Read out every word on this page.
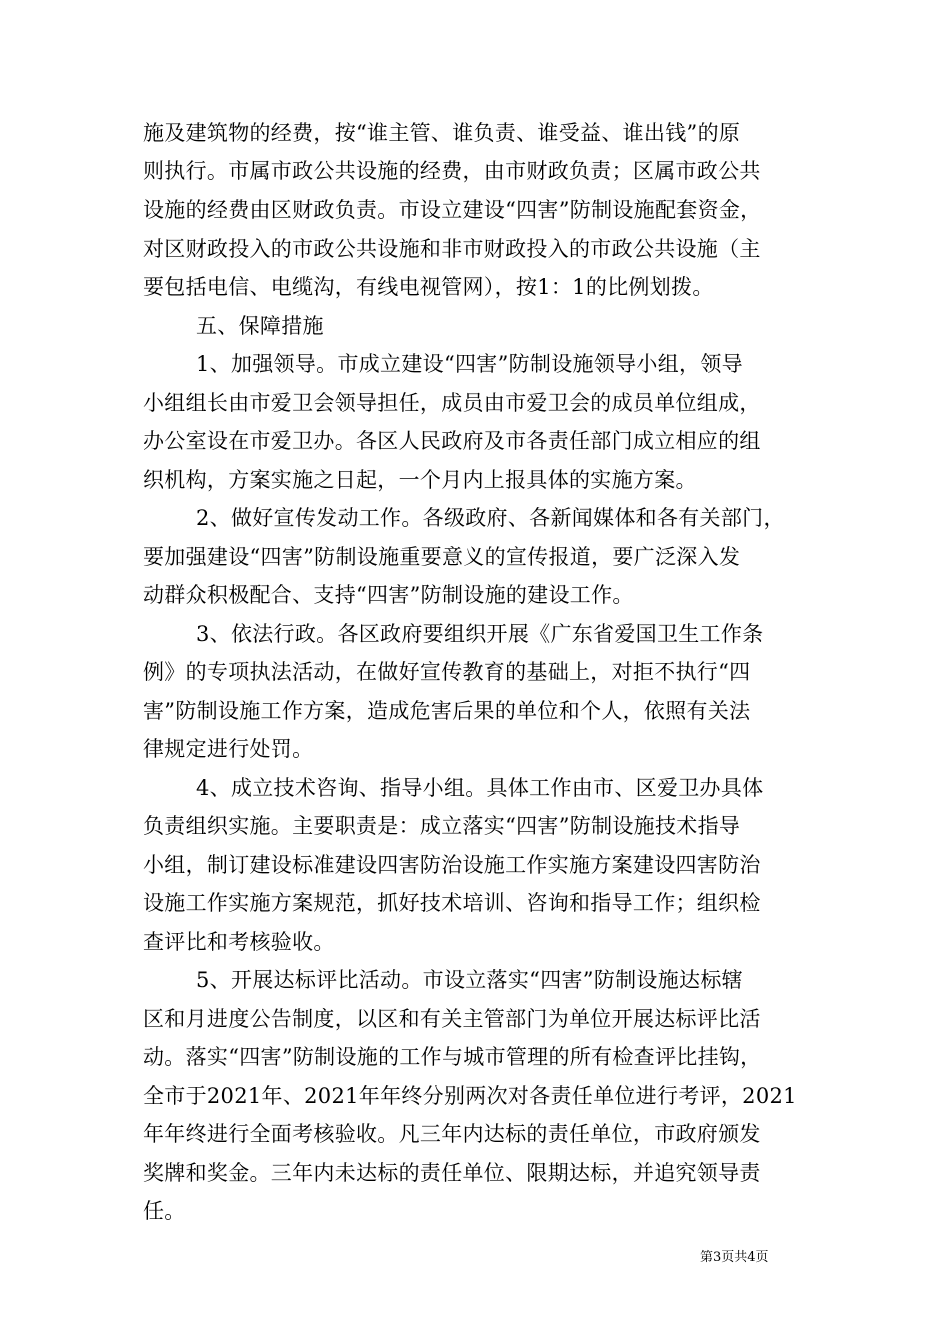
施及建筑物的经费，按“谁主管、谁负责、谁受益、谁出钱”的原
则执行。市属市政公共设施的经费，由市财政负责；区属市政公共
设施的经费由区财政负责。市设立建设“四害”防制设施配套资金，
对区财政投入的市政公共设施和非市财政投入的市政公共设施（主
要包括电信、电缆沟，有线电视管网），按1：1的比例划拨。
五、保障措施
1、加强领导。市成立建设“四害”防制设施领导小组，领导
小组组长由市爱卫会领导担任，成员由市爱卫会的成员单位组成，
办公室设在市爱卫办。各区人民政府及市各责任部门成立相应的组
织机构，方案实施之日起，一个月内上报具体的实施方案。
2、做好宣传发动工作。各级政府、各新闻媒体和各有关部门，
要加强建设“四害”防制设施重要意义的宣传报道，要广泛深入发
动群众积极配合、支持“四害”防制设施的建设工作。
3、依法行政。各区政府要组织开展《广东省爱国卫生工作条
例》的专项执法活动，在做好宣传教育的基础上，对拒不执行“四
害”防制设施工作方案，造成危害后果的单位和个人，依照有关法
律规定进行处罚。
4、成立技术咨询、指导小组。具体工作由市、区爱卫办具体
负责组织实施。主要职责是：成立落实“四害”防制设施技术指导
小组，制订建设标准建设四害防治设施工作实施方案建设四害防治
设施工作实施方案规范，抓好技术培训、咨询和指导工作；组织检
查评比和考核验收。
5、开展达标评比活动。市设立落实“四害”防制设施达标辖
区和月进度公告制度，以区和有关主管部门为单位开展达标评比活
动。落实“四害”防制设施的工作与城市管理的所有检查评比挂钩，
全市于2021年、2021年年终分别两次对各责任单位进行考评，2021
年年终进行全面考核验收。凡三年内达标的责任单位，市政府颁发
奖牌和奖金。三年内未达标的责任单位、限期达标，并追究领导责
任。
第3页共4页
